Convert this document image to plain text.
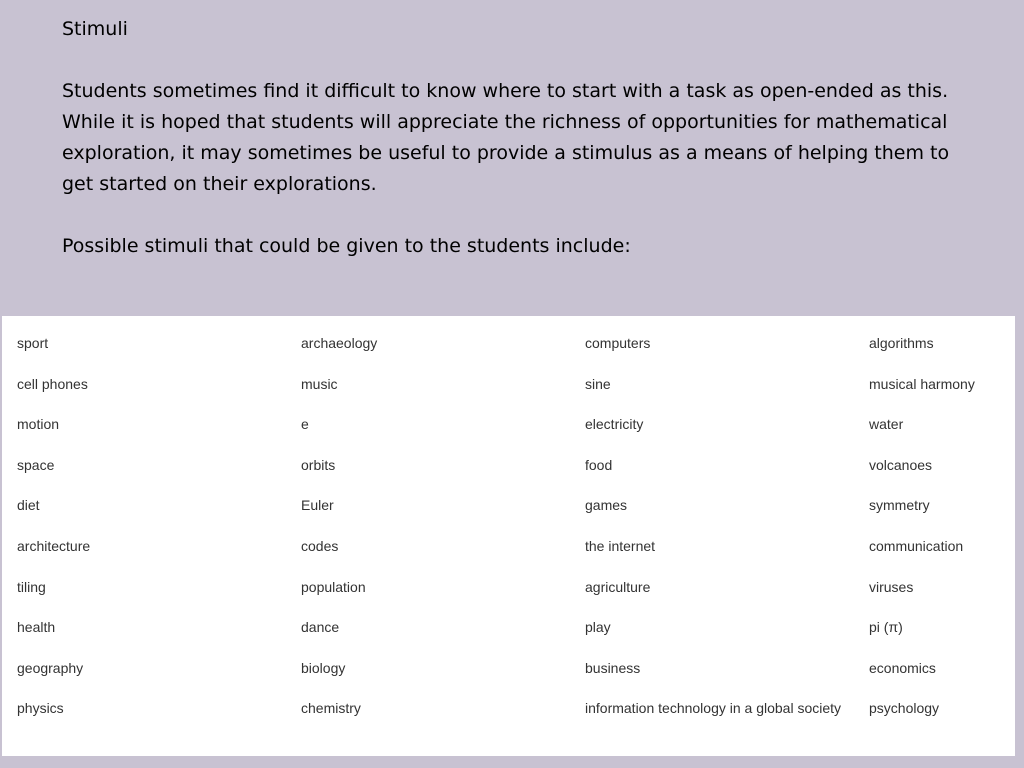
Stimuli

Students sometimes find it difficult to know where to start with a task as open-ended as this. While it is hoped that students will appreciate the richness of opportunities for mathematical exploration, it may sometimes be useful to provide a stimulus as a means of helping them to get started on their explorations.

Possible stimuli that could be given to the students include:

sport	archaeology	computers	algorithms
cell phones	music	sine	musical harmony
motion	e	electricity	water
space	orbits	food	volcanoes
diet	Euler	games	symmetry
architecture	codes	the internet	communication
tiling	population	agriculture	viruses
health	dance	play	pi (π)
geography	biology	business	economics
physics	chemistry	information technology in a global society	psychology
